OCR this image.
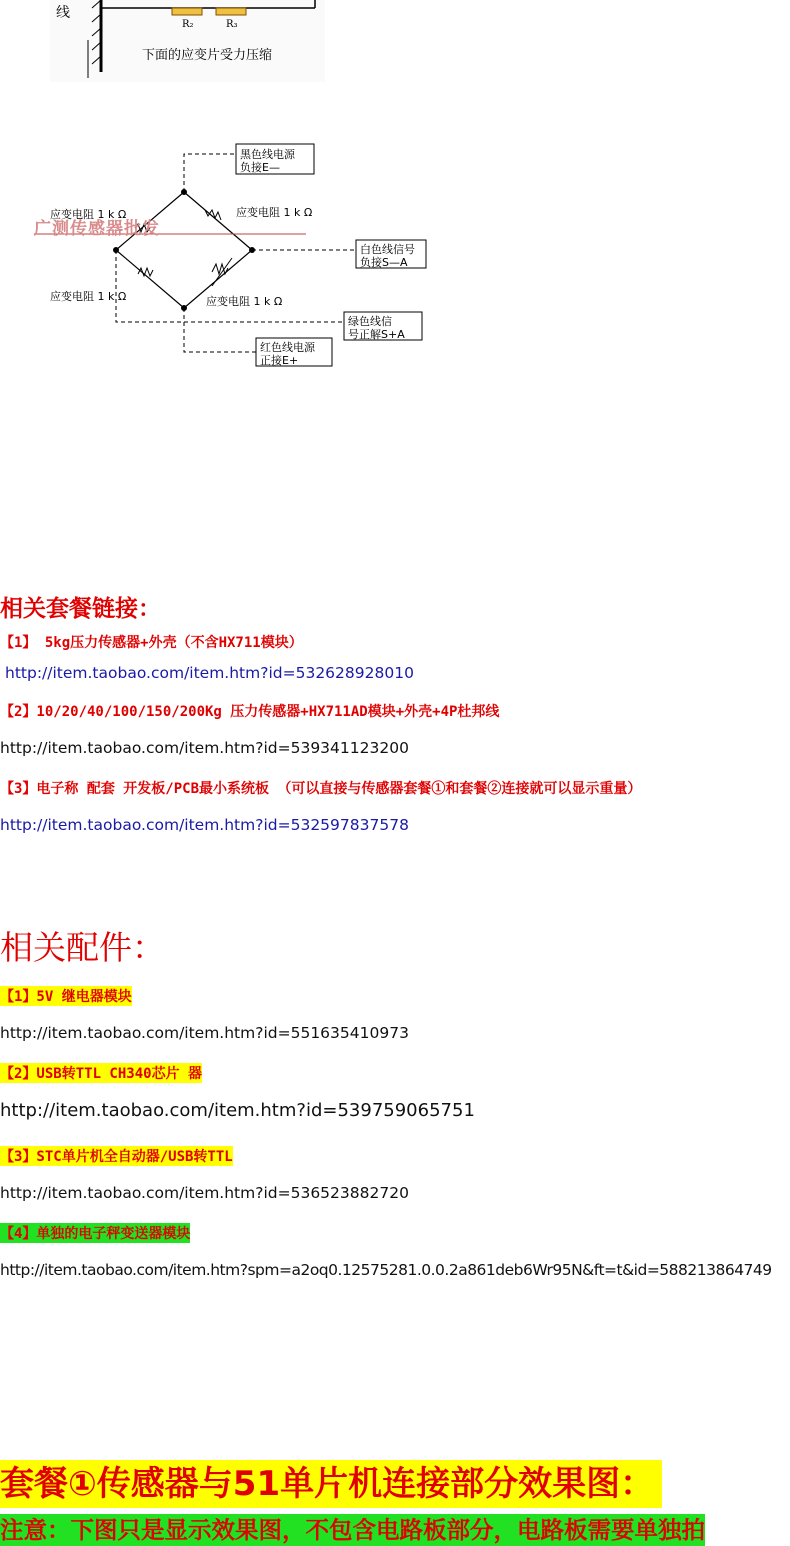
线
R₂	R₃
下面的应变片受力压缩
黑色线电源
负接E—
白色线信号
负接S—A
绿色线信
号正解S+A
红色线电源
正接E+
应变电阻 1 k Ω	应变电阻 1 k Ω
应变电阻 1 k Ω	应变电阻 1 k Ω
广测传感器批发
相关套餐链接：
【1】 5kg压力传感器+外壳（不含HX711模块）
http://item.taobao.com/item.htm?id=532628928010
【2】10/20/40/100/150/200Kg 压力传感器+HX711AD模块+外壳+4P杜邦线
http://item.taobao.com/item.htm?id=539341123200
【3】电子称 配套 开发板/PCB最小系统板 （可以直接与传感器套餐①和套餐②连接就可以显示重量）
http://item.taobao.com/item.htm?id=532597837578
相关配件：
【1】5V 继电器模块
http://item.taobao.com/item.htm?id=551635410973
【2】USB转TTL CH340芯片 器
http://item.taobao.com/item.htm?id=539759065751
【3】STC单片机全自动器/USB转TTL
http://item.taobao.com/item.htm?id=536523882720
【4】单独的电子秤变送器模块
http://item.taobao.com/item.htm?spm=a2oq0.12575281.0.0.2a861deb6Wr95N&ft=t&id=588213864749
套餐①传感器与51单片机连接部分效果图：
注意：下图只是显示效果图，不包含电路板部分，电路板需要单独拍
